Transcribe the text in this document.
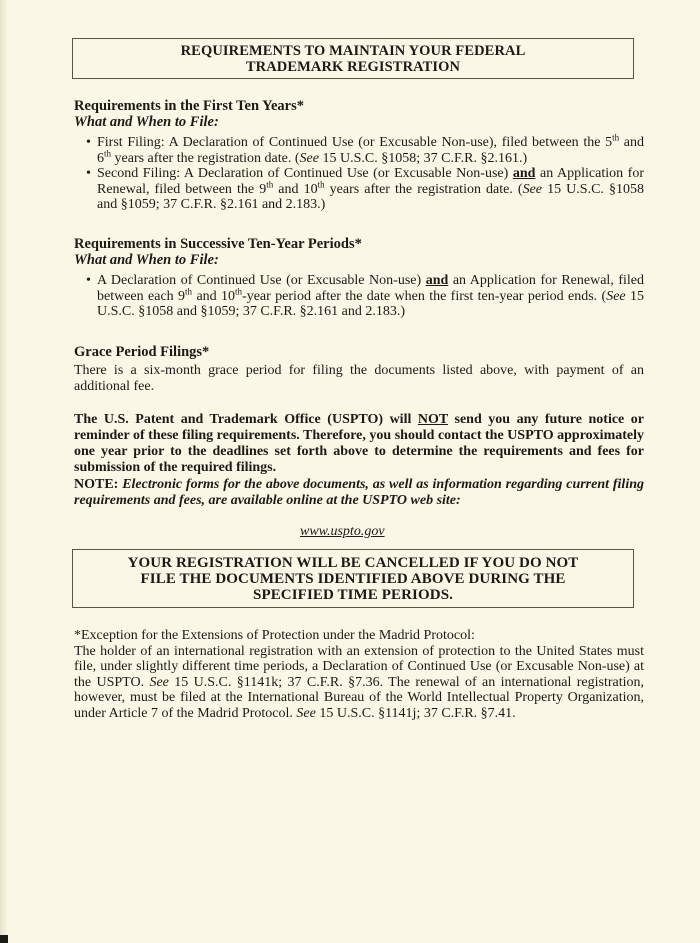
REQUIREMENTS TO MAINTAIN YOUR FEDERAL
TRADEMARK REGISTRATION

Requirements in the First Ten Years*

What and When to File:

• First Filing: A Declaration of Continued Use (or Excusable Non-use), filed between the 5th and 6th years after the registration date. (See 15 U.S.C. §1058; 37 C.F.R. §2.161.)
• Second Filing: A Declaration of Continued Use (or Excusable Non-use) and an Application for Renewal, filed between the 9th and 10th years after the registration date. (See 15 U.S.C. §1058 and §1059; 37 C.F.R. §2.161 and 2.183.)

Requirements in Successive Ten-Year Periods*

What and When to File:

• A Declaration of Continued Use (or Excusable Non-use) and an Application for Renewal, filed between each 9th and 10th-year period after the date when the first ten-year period ends. (See 15 U.S.C. §1058 and §1059; 37 C.F.R. §2.161 and 2.183.)

Grace Period Filings*

There is a six-month grace period for filing the documents listed above, with payment of an additional fee.

The U.S. Patent and Trademark Office (USPTO) will NOT send you any future notice or reminder of these filing requirements. Therefore, you should contact the USPTO approximately one year prior to the deadlines set forth above to determine the requirements and fees for submission of the required filings.

NOTE: Electronic forms for the above documents, as well as information regarding current filing requirements and fees, are available online at the USPTO web site:

www.uspto.gov
YOUR REGISTRATION WILL BE CANCELLED IF YOU DO NOT
FILE THE DOCUMENTS IDENTIFIED ABOVE DURING THE
SPECIFIED TIME PERIODS.

*Exception for the Extensions of Protection under the Madrid Protocol:

The holder of an international registration with an extension of protection to the United States must file, under slightly different time periods, a Declaration of Continued Use (or Excusable Non-use) at the USPTO. See 15 U.S.C. §1141k; 37 C.F.R. §7.36. The renewal of an international registration, however, must be filed at the International Bureau of the World Intellectual Property Organization, under Article 7 of the Madrid Protocol. See 15 U.S.C. §1141j; 37 C.F.R. §7.41.
